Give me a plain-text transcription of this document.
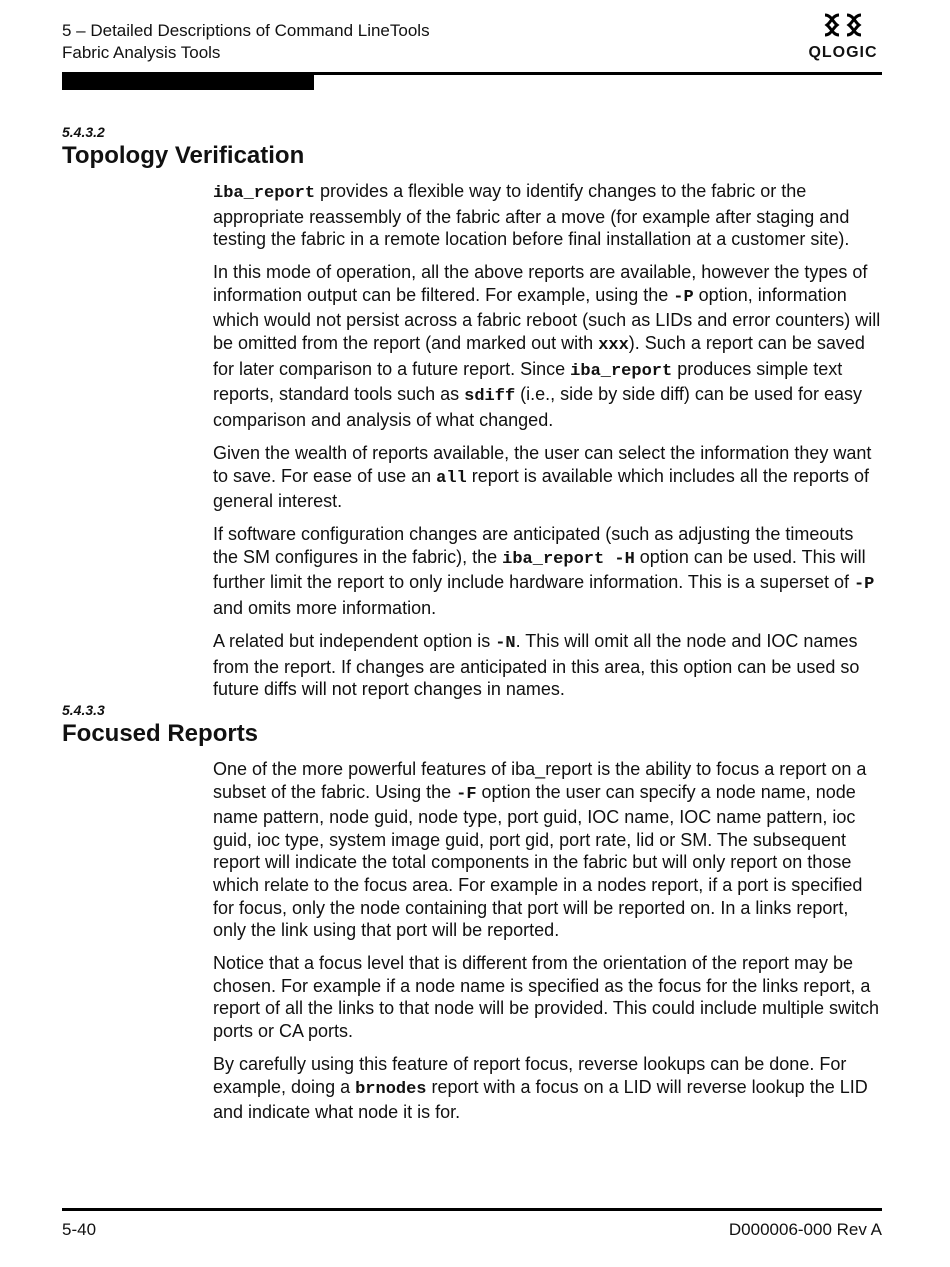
5 – Detailed Descriptions of Command LineTools
Fabric Analysis Tools	QLOGIC
5.4.3.2
Topology Verification

iba_report provides a flexible way to identify changes to the fabric or the appropriate reassembly of the fabric after a move (for example after staging and testing the fabric in a remote location before final installation at a customer site).

In this mode of operation, all the above reports are available, however the types of information output can be filtered. For example, using the -P option, information which would not persist across a fabric reboot (such as LIDs and error counters) will be omitted from the report (and marked out with xxx). Such a report can be saved for later comparison to a future report. Since iba_report produces simple text reports, standard tools such as sdiff (i.e., side by side diff) can be used for easy comparison and analysis of what changed.

Given the wealth of reports available, the user can select the information they want to save. For ease of use an all report is available which includes all the reports of general interest.

If software configuration changes are anticipated (such as adjusting the timeouts the SM configures in the fabric), the iba_report -H option can be used. This will further limit the report to only include hardware information. This is a superset of -P and omits more information.

A related but independent option is -N. This will omit all the node and IOC names from the report. If changes are anticipated in this area, this option can be used so future diffs will not report changes in names.

5.4.3.3
Focused Reports

One of the more powerful features of iba_report is the ability to focus a report on a subset of the fabric. Using the -F option the user can specify a node name, node name pattern, node guid, node type, port guid, IOC name, IOC name pattern, ioc guid, ioc type, system image guid, port gid, port rate, lid or SM. The subsequent report will indicate the total components in the fabric but will only report on those which relate to the focus area. For example in a nodes report, if a port is specified for focus, only the node containing that port will be reported on. In a links report, only the link using that port will be reported.

Notice that a focus level that is different from the orientation of the report may be chosen. For example if a node name is specified as the focus for the links report, a report of all the links to that node will be provided. This could include multiple switch ports or CA ports.

By carefully using this feature of report focus, reverse lookups can be done. For example, doing a brnodes report with a focus on a LID will reverse lookup the LID and indicate what node it is for.

5-40	D000006-000 Rev A
